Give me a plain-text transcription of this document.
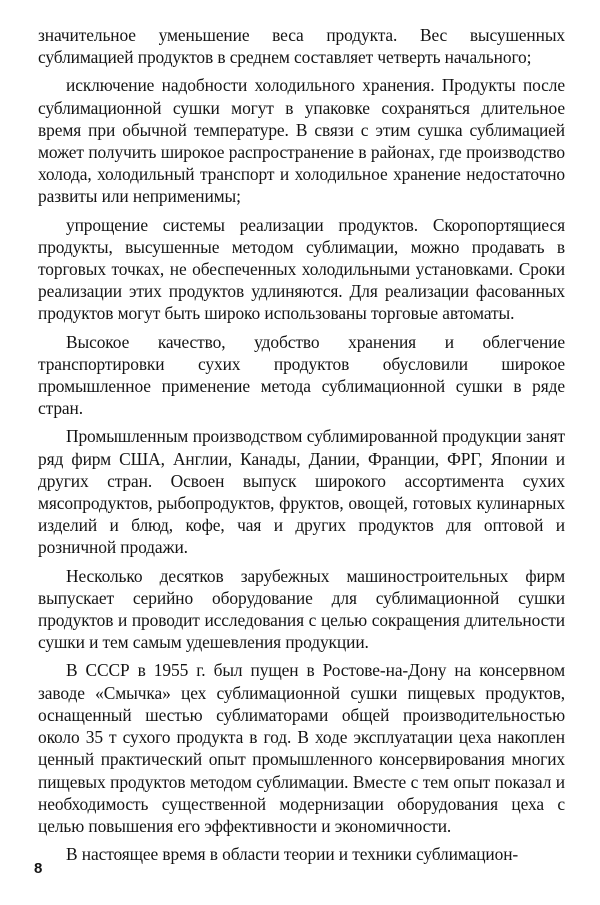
значительное уменьшение веса продукта. Вес высушенных сублимацией продуктов в среднем составляет четверть начального;

исключение надобности холодильного хранения. Продукты после сублимационной сушки могут в упаковке сохраняться длительное время при обычной температуре. В связи с этим сушка сублимацией может получить широкое распространение в районах, где производство холода, холодильный транспорт и холодильное хранение недостаточно развиты или неприменимы;

упрощение системы реализации продуктов. Скоропортящиеся продукты, высушенные методом сублимации, можно продавать в торговых точках, не обеспеченных холодильными установками. Сроки реализации этих продуктов удлиняются. Для реализации фасованных продуктов могут быть широко использованы торговые автоматы.

Высокое качество, удобство хранения и облегчение транспортировки сухих продуктов обусловили широкое промышленное применение метода сублимационной сушки в ряде стран.

Промышленным производством сублимированной продукции занят ряд фирм США, Англии, Канады, Дании, Франции, ФРГ, Японии и других стран. Освоен выпуск широкого ассортимента сухих мясопродуктов, рыбопродуктов, фруктов, овощей, готовых кулинарных изделий и блюд, кофе, чая и других продуктов для оптовой и розничной продажи.

Несколько десятков зарубежных машиностроительных фирм выпускает серийно оборудование для сублимационной сушки продуктов и проводит исследования с целью сокращения длительности сушки и тем самым удешевления продукции.

В СССР в 1955 г. был пущен в Ростове-на-Дону на консервном заводе «Смычка» цех сублимационной сушки пищевых продуктов, оснащенный шестью сублиматорами общей производительностью около 35 т сухого продукта в год. В ходе эксплуатации цеха накоплен ценный практический опыт промышленного консервирования многих пищевых продуктов методом сублимации. Вместе с тем опыт показал и необходимость существенной модернизации оборудования цеха с целью повышения его эффективности и экономичности.

В настоящее время в области теории и техники сублимацион-

8
